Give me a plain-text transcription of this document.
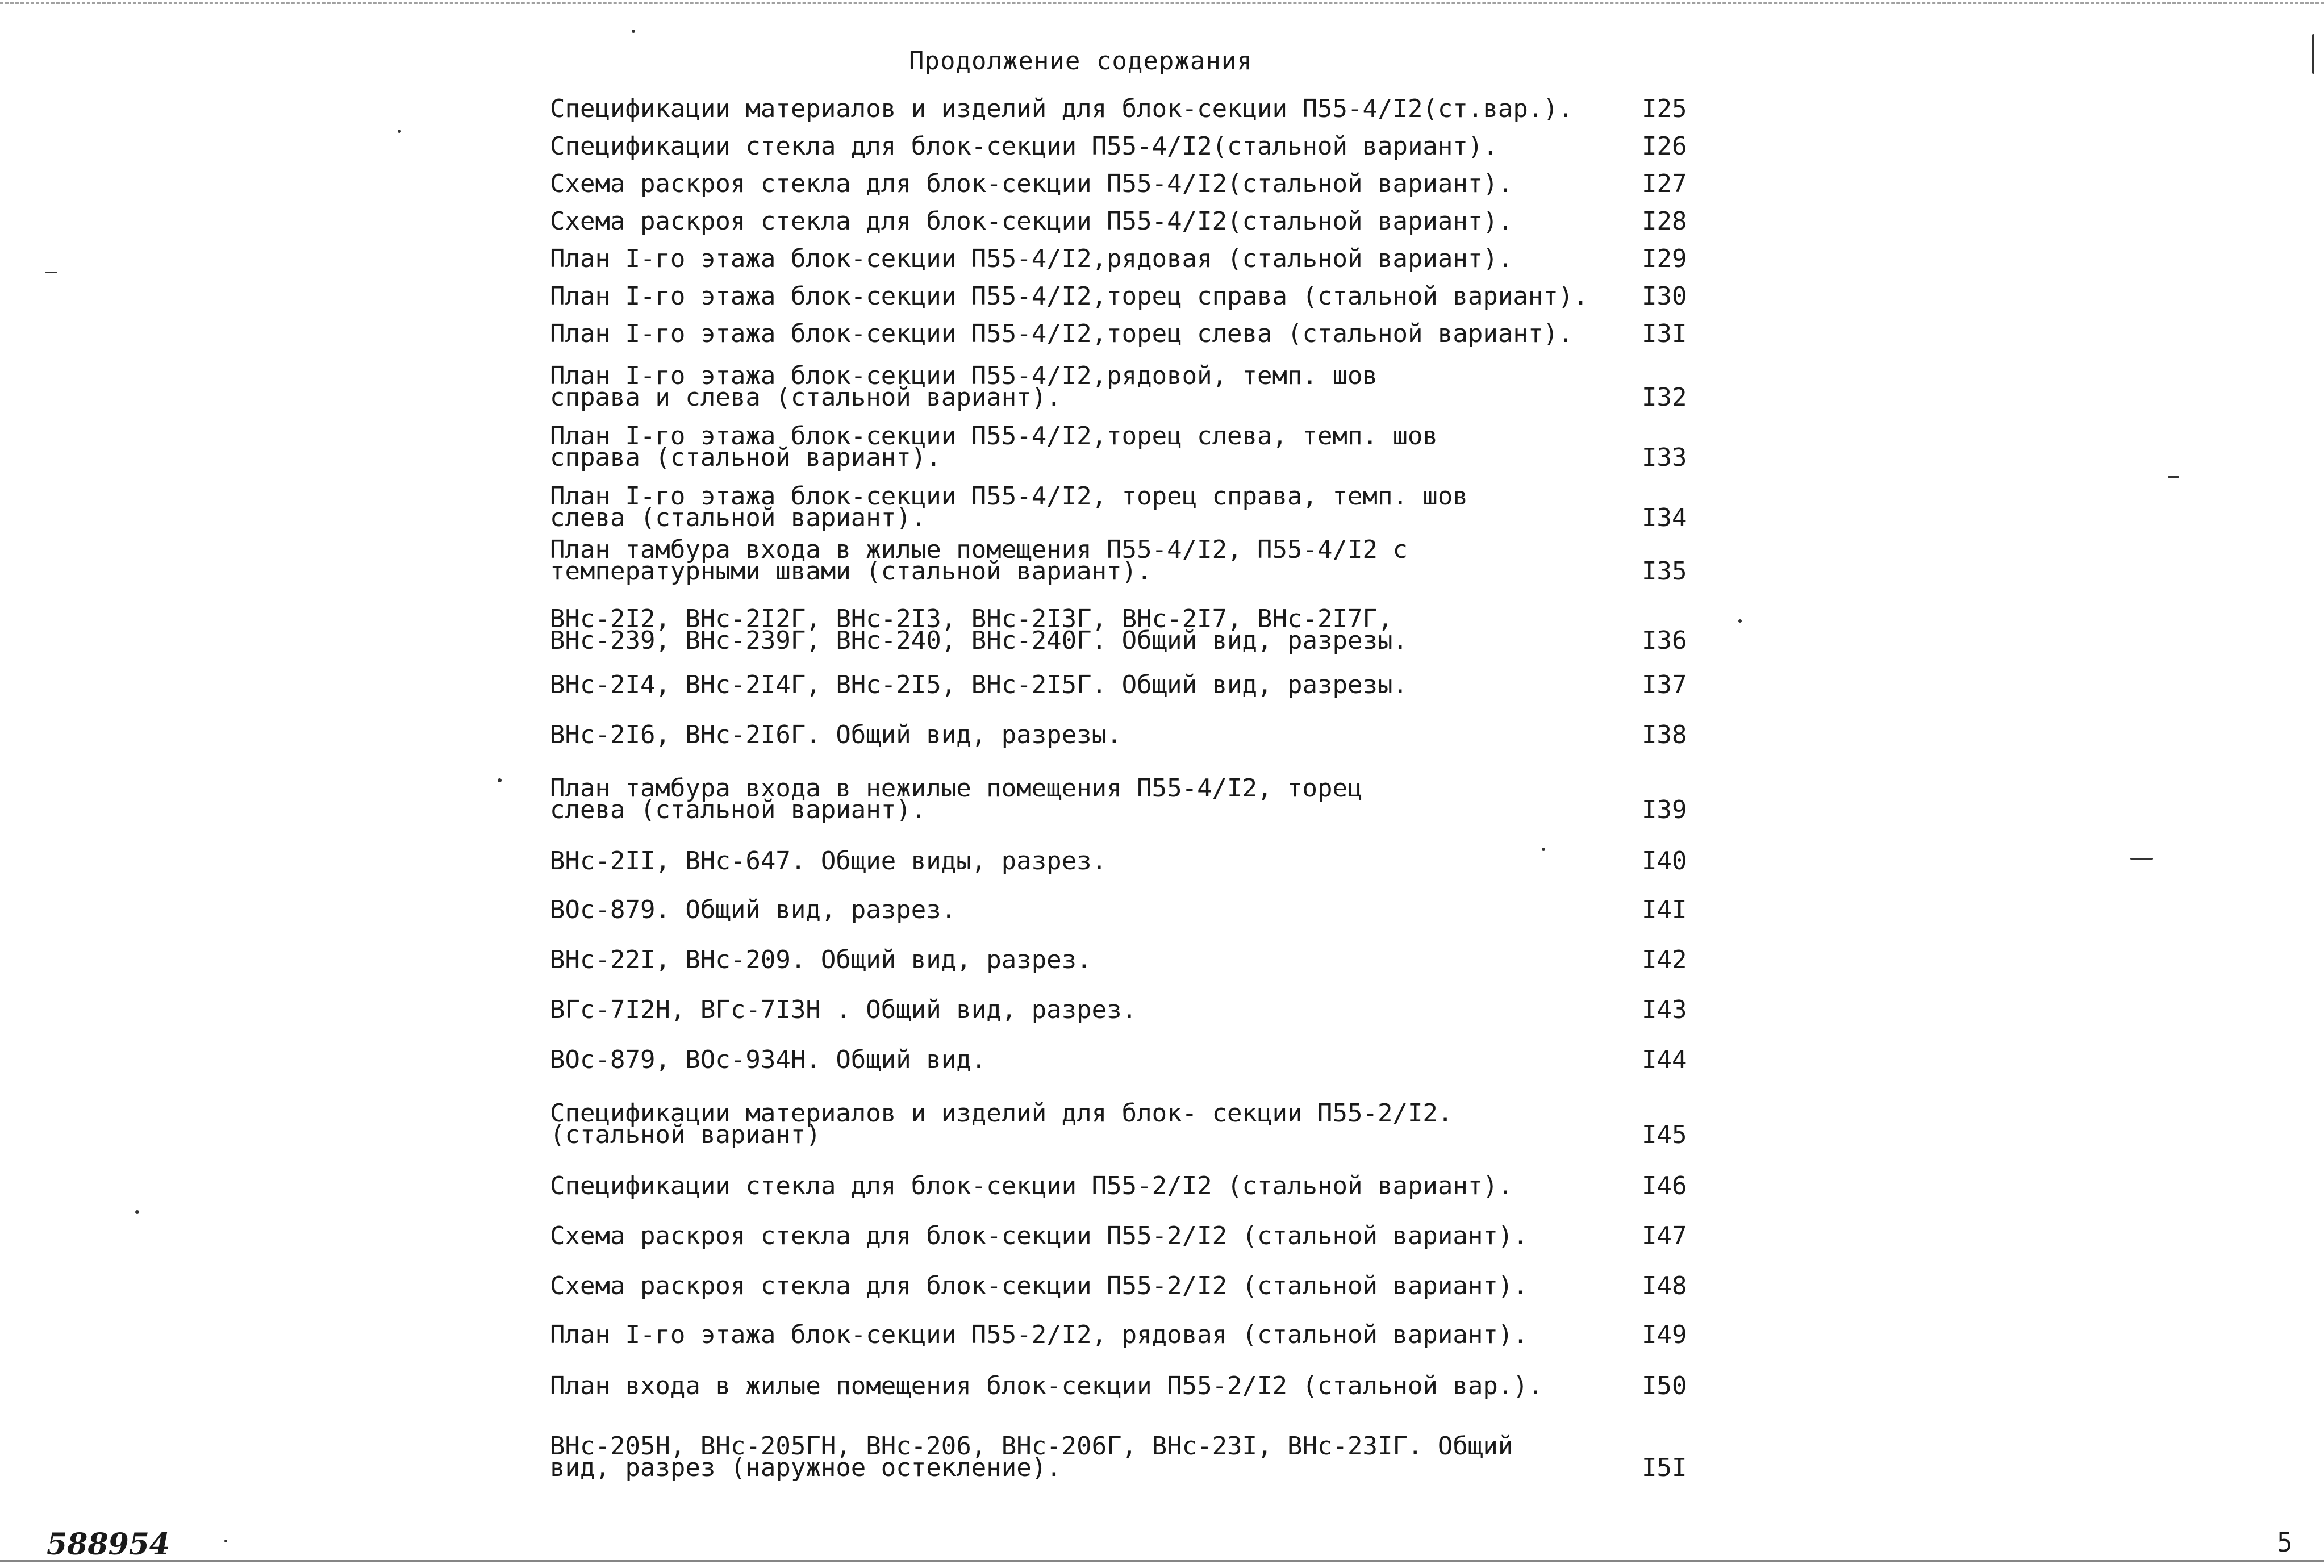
Продолжение содержания
Спецификации материалов и изделий для блок-секции П55-4/I2(ст.вар.).	I25
Спецификации стекла для блок-секции П55-4/I2(стальной вариант).	I26
Схема раскроя стекла для блок-секции П55-4/I2(стальной вариант).	I27
Схема раскроя стекла для блок-секции П55-4/I2(стальной вариант).	I28
План I-го этажа блок-секции П55-4/I2,рядовая (стальной вариант).	I29
План I-го этажа блок-секции П55-4/I2,торец справа (стальной вариант). I30
План I-го этажа блок-секции П55-4/I2,торец слева (стальной вариант).	I3I
План I-го этажа блок-секции П55-4/I2,рядовой, темп. шов
справа и слева (стальной вариант).	I32
План I-го этажа блок-секции П55-4/I2,торец слева, темп. шов
справа (стальной вариант).	I33
План I-го этажа блок-секции П55-4/I2, торец справа, темп. шов
слева (стальной вариант).	I34
План тамбура входа в жилые помещения П55-4/I2, П55-4/I2 с
температурными швами (стальной вариант).	I35
ВНс-2I2, ВНс-2I2Г, ВНс-2I3, ВНс-2I3Г, ВНс-2I7, ВНс-2I7Г,
ВНс-239, ВНс-239Г, ВНс-240, ВНс-240Г. Общий вид, разрезы.	I36
ВНс-2I4, ВНс-2I4Г, ВНс-2I5, ВНс-2I5Г. Общий вид, разрезы.	I37
ВНс-2I6, ВНс-2I6Г. Общий вид, разрезы.	I38
План тамбура входа в нежилые помещения П55-4/I2, торец
слева (стальной вариант).	I39
ВНс-2II, ВНс-647. Общие виды, разрез.	I40
ВОс-879. Общий вид, разрез.	I4I
ВНс-22I, ВНс-209. Общий вид, разрез.	I42
ВГс-7I2Н, ВГс-7I3Н . Общий вид, разрез.	I43
ВОс-879, ВОс-934Н. Общий вид.	I44
Спецификации материалов и изделий для блок- секции П55-2/I2.
(стальной вариант)	I45
Спецификации стекла для блок-секции П55-2/I2 (стальной вариант).	I46
Схема раскроя стекла для блок-секции П55-2/I2 (стальной вариант).	I47
Схема раскроя стекла для блок-секции П55-2/I2 (стальной вариант).	I48
План I-го этажа блок-секции П55-2/I2, рядовая (стальной вариант).	I49
План входа в жилые помещения блок-секции П55-2/I2 (стальной вар.).	I50
ВНс-205Н, ВНс-205ГН, ВНс-206, ВНс-206Г, ВНс-23I, ВНс-23IГ. Общий
вид, разрез (наружное остекление).	I5I
588954	5
